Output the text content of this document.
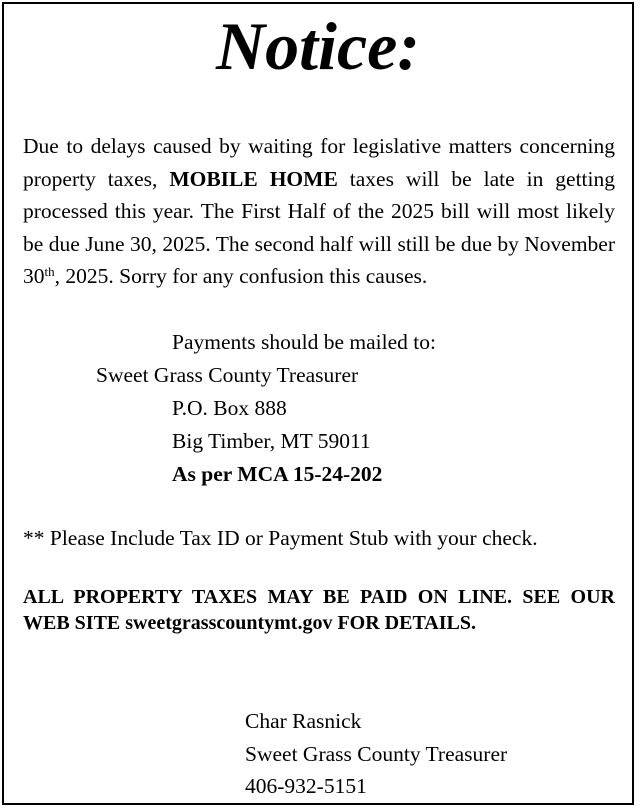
Notice:

Due to delays caused by waiting for legislative matters concerning property taxes, MOBILE HOME taxes will be late in getting processed this year. The First Half of the 2025 bill will most likely be due June 30, 2025. The second half will still be due by November 30th, 2025. Sorry for any confusion this causes.

Payments should be mailed to:
Sweet Grass County Treasurer
P.O. Box 888
Big Timber, MT 59011
As per MCA 15-24-202
** Please Include Tax ID or Payment Stub with your check.

ALL PROPERTY TAXES MAY BE PAID ON LINE. SEE OUR WEB SITE sweetgrasscountymt.gov FOR DETAILS.

Char Rasnick
Sweet Grass County Treasurer
406-932-5151
